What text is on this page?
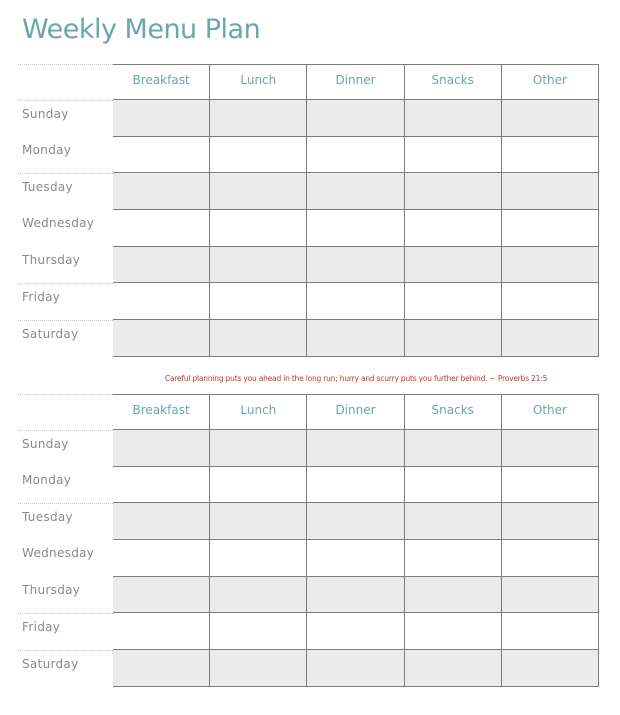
Weekly Menu Plan
Breakfast	Lunch	Dinner	Snacks	Other
Sunday
Monday
Tuesday
Wednesday
Thursday
Friday
Saturday
Careful planning puts you ahead in the long run; hurry and scurry puts you further behind. ~ Proverbs 21:5
Breakfast	Lunch	Dinner	Snacks	Other
Sunday
Monday
Tuesday
Wednesday
Thursday
Friday
Saturday
